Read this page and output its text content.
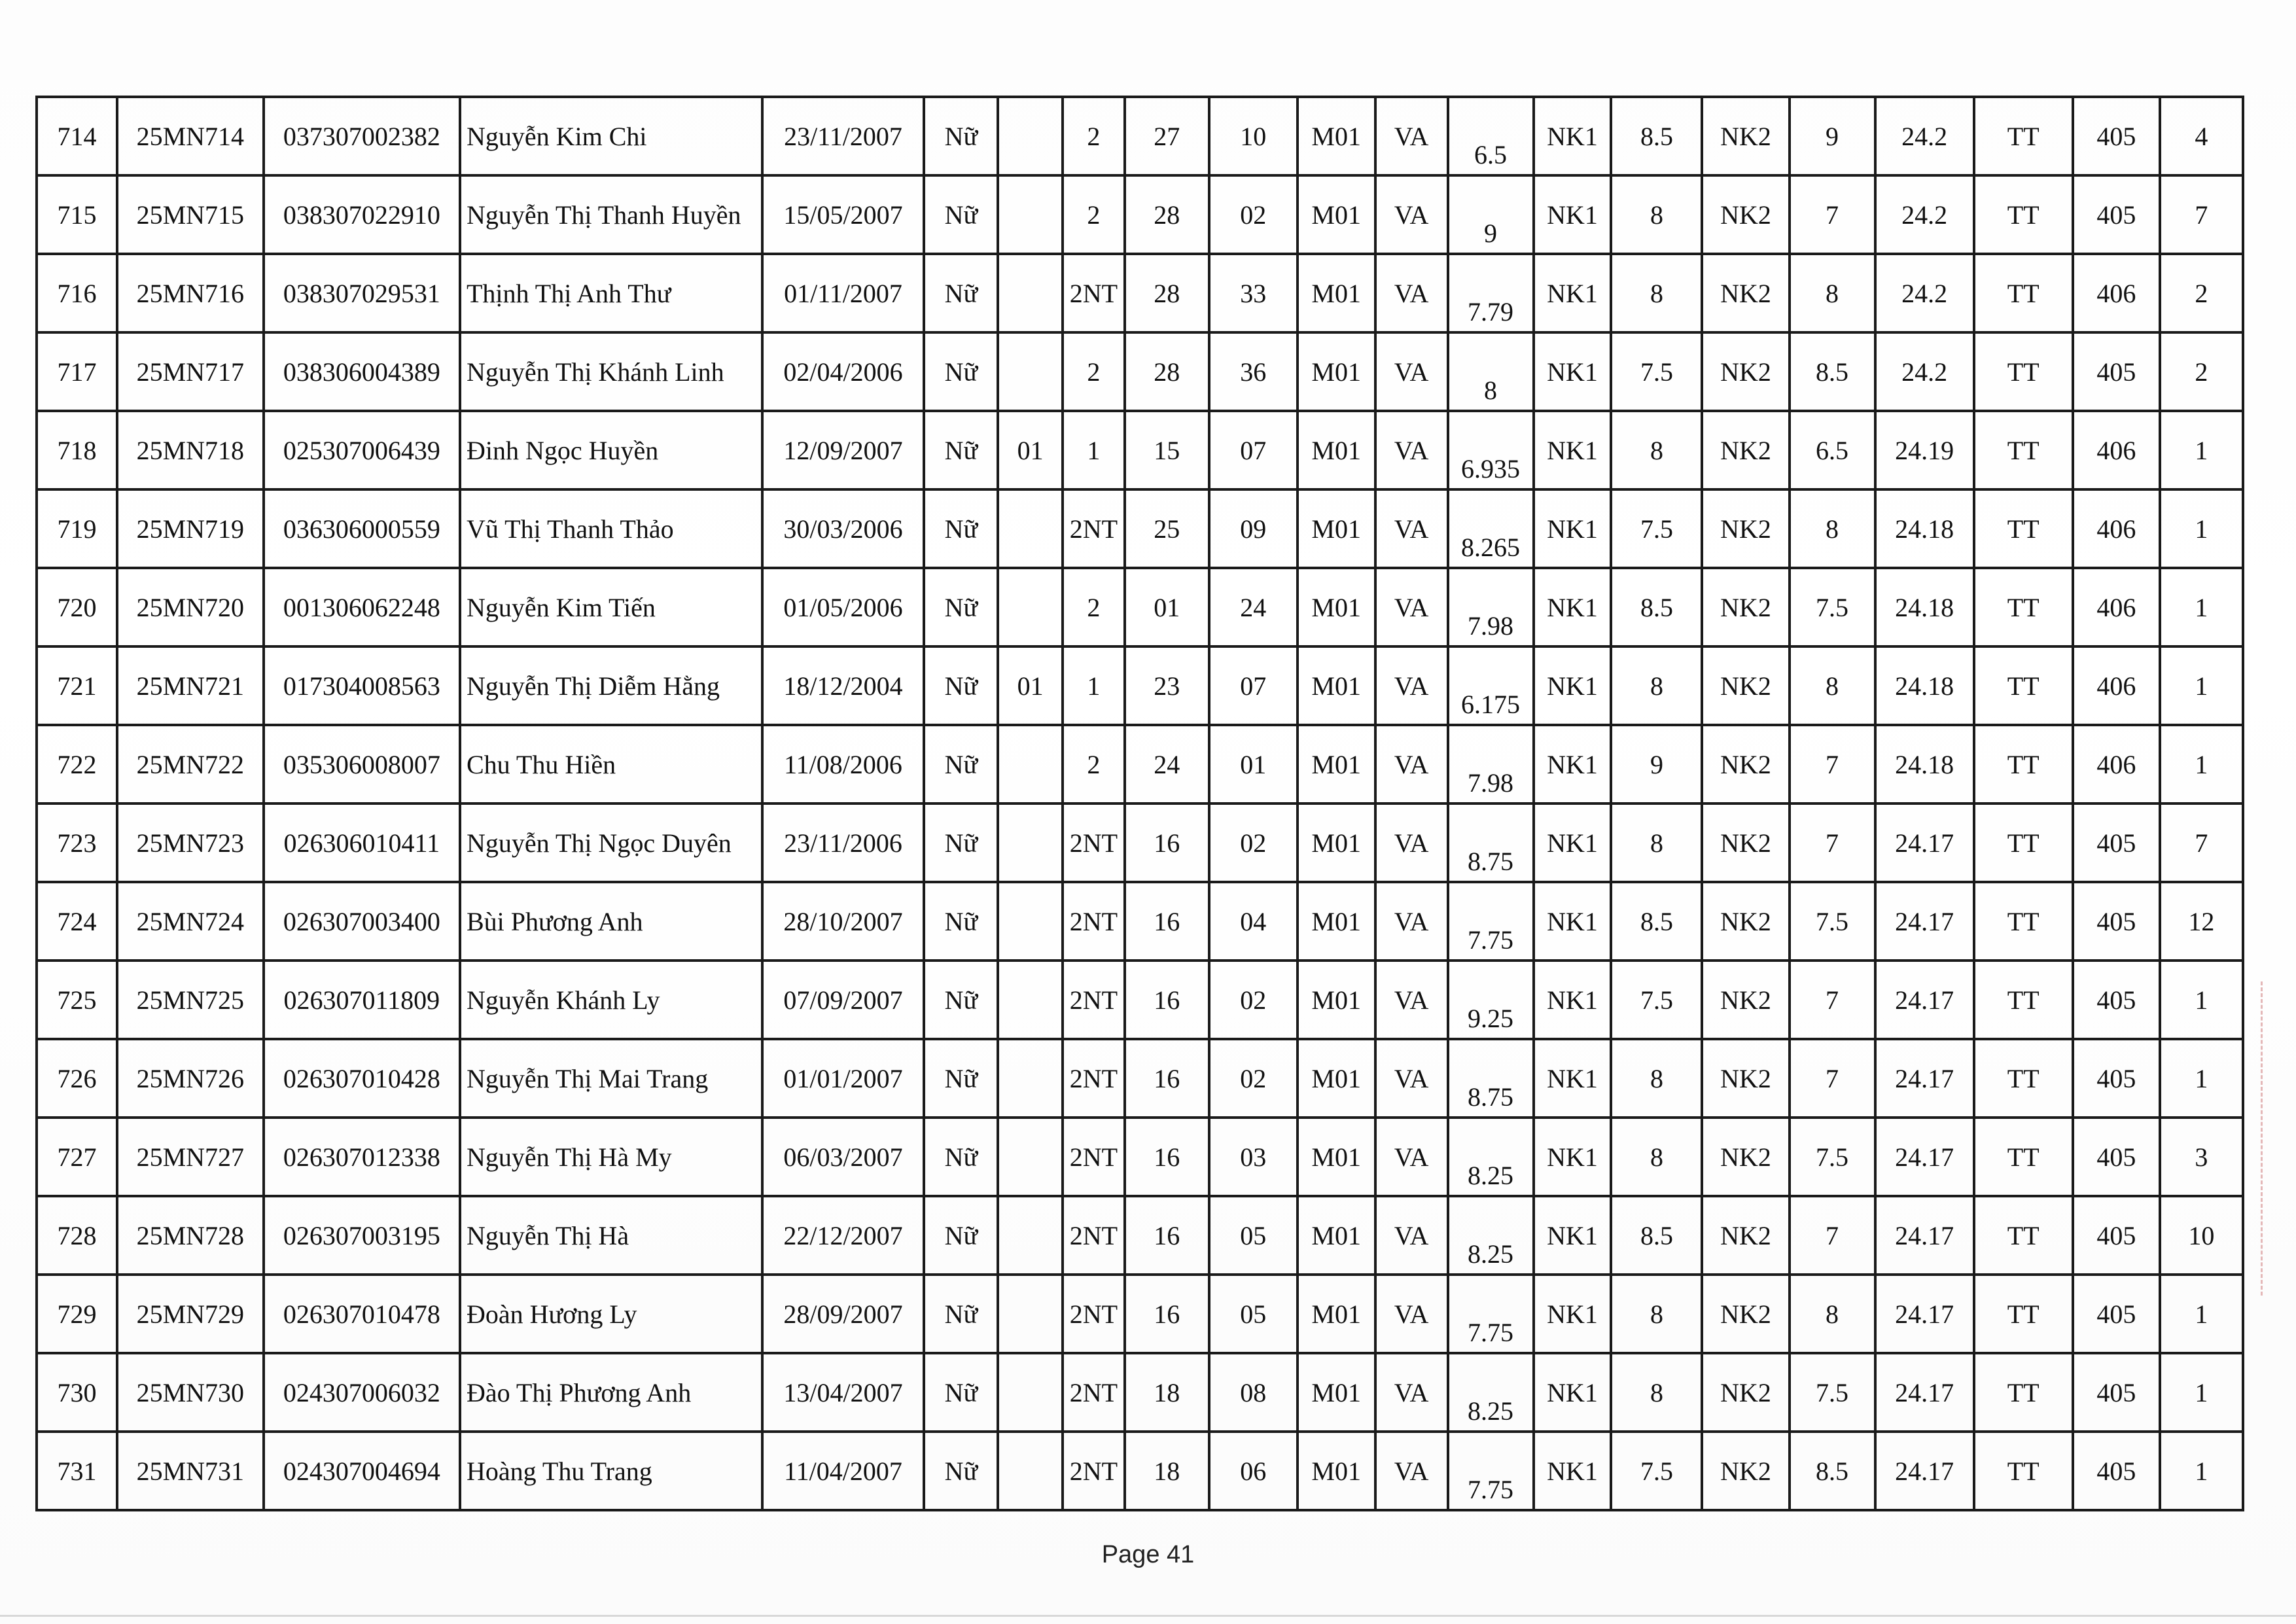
714	25MN714	037307002382	Nguyễn Kim Chi	23/11/2007	Nữ		2	27	10	M01	VA	6.5	NK1	8.5	NK2	9	24.2	TT	405	4
715	25MN715	038307022910	Nguyễn Thị Thanh Huyền	15/05/2007	Nữ		2	28	02	M01	VA	9	NK1	8	NK2	7	24.2	TT	405	7
716	25MN716	038307029531	Thịnh Thị Anh Thư	01/11/2007	Nữ		2NT	28	33	M01	VA	7.79	NK1	8	NK2	8	24.2	TT	406	2
717	25MN717	038306004389	Nguyễn Thị Khánh Linh	02/04/2006	Nữ		2	28	36	M01	VA	8	NK1	7.5	NK2	8.5	24.2	TT	405	2
718	25MN718	025307006439	Đinh Ngọc Huyền	12/09/2007	Nữ	01	1	15	07	M01	VA	6.935	NK1	8	NK2	6.5	24.19	TT	406	1
719	25MN719	036306000559	Vũ Thị Thanh Thảo	30/03/2006	Nữ		2NT	25	09	M01	VA	8.265	NK1	7.5	NK2	8	24.18	TT	406	1
720	25MN720	001306062248	Nguyễn Kim Tiến	01/05/2006	Nữ		2	01	24	M01	VA	7.98	NK1	8.5	NK2	7.5	24.18	TT	406	1
721	25MN721	017304008563	Nguyễn Thị Diễm Hằng	18/12/2004	Nữ	01	1	23	07	M01	VA	6.175	NK1	8	NK2	8	24.18	TT	406	1
722	25MN722	035306008007	Chu Thu Hiền	11/08/2006	Nữ		2	24	01	M01	VA	7.98	NK1	9	NK2	7	24.18	TT	406	1
723	25MN723	026306010411	Nguyễn Thị Ngọc Duyên	23/11/2006	Nữ		2NT	16	02	M01	VA	8.75	NK1	8	NK2	7	24.17	TT	405	7
724	25MN724	026307003400	Bùi Phương Anh	28/10/2007	Nữ		2NT	16	04	M01	VA	7.75	NK1	8.5	NK2	7.5	24.17	TT	405	12
725	25MN725	026307011809	Nguyễn Khánh Ly	07/09/2007	Nữ		2NT	16	02	M01	VA	9.25	NK1	7.5	NK2	7	24.17	TT	405	1
726	25MN726	026307010428	Nguyễn Thị Mai Trang	01/01/2007	Nữ		2NT	16	02	M01	VA	8.75	NK1	8	NK2	7	24.17	TT	405	1
727	25MN727	026307012338	Nguyễn Thị Hà My	06/03/2007	Nữ		2NT	16	03	M01	VA	8.25	NK1	8	NK2	7.5	24.17	TT	405	3
728	25MN728	026307003195	Nguyễn Thị Hà	22/12/2007	Nữ		2NT	16	05	M01	VA	8.25	NK1	8.5	NK2	7	24.17	TT	405	10
729	25MN729	026307010478	Đoàn Hương Ly	28/09/2007	Nữ		2NT	16	05	M01	VA	7.75	NK1	8	NK2	8	24.17	TT	405	1
730	25MN730	024307006032	Đào Thị Phương Anh	13/04/2007	Nữ		2NT	18	08	M01	VA	8.25	NK1	8	NK2	7.5	24.17	TT	405	1
731	25MN731	024307004694	Hoàng Thu Trang	11/04/2007	Nữ		2NT	18	06	M01	VA	7.75	NK1	7.5	NK2	8.5	24.17	TT	405	1
Page 41
